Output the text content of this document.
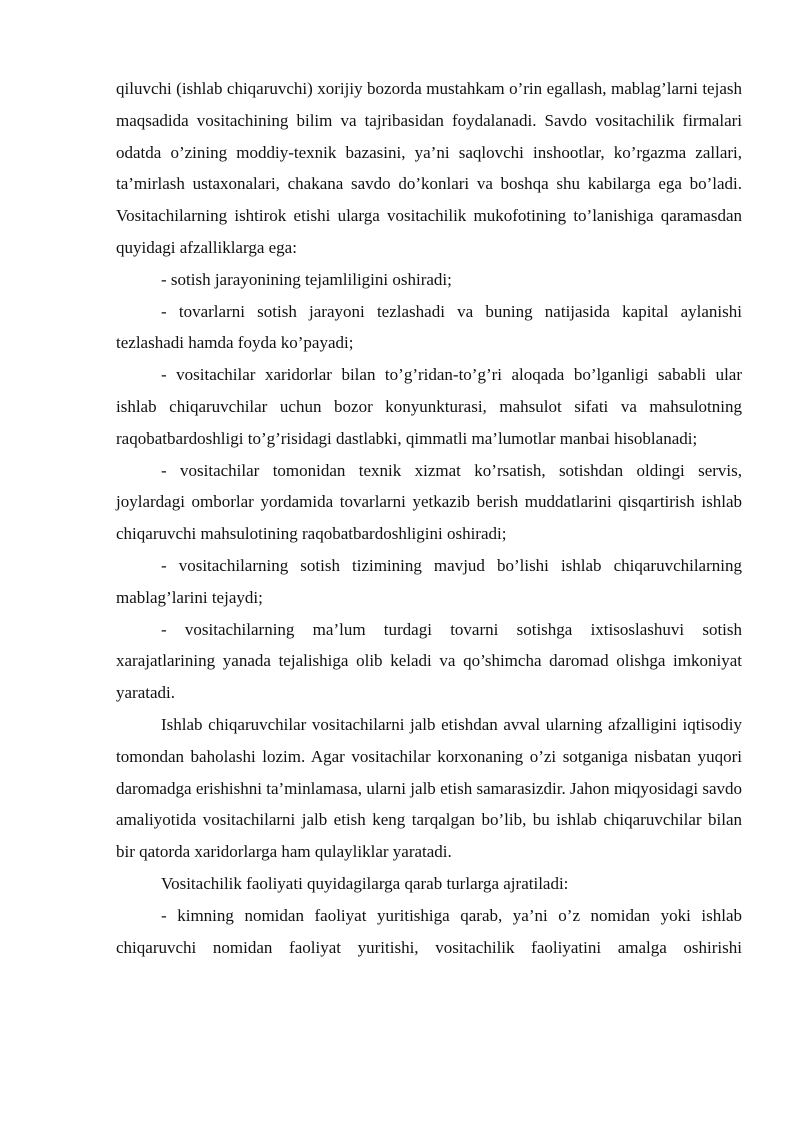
qiluvchi (ishlab chiqaruvchi) xorijiy bozorda mustahkam o’rin egallash, mablag’larni tejash maqsadida vositachining bilim va tajribasidan foydalanadi. Savdo vositachilik firmalari odatda o’zining moddiy-texnik bazasini, ya’ni saqlovchi inshootlar, ko’rgazma zallari, ta’mirlash ustaxonalari, chakana savdo do’konlari va boshqa shu kabilarga ega bo’ladi. Vositachilarning ishtirok etishi ularga vositachilik mukofotining to’lanishiga qaramasdan quyidagi afzalliklarga ega:

- sotish jarayonining tejamliligini oshiradi;

- tovarlarni sotish jarayoni tezlashadi va buning natijasida kapital aylanishi tezlashadi hamda foyda ko’payadi;

- vositachilar xaridorlar bilan to’g’ridan-to’g’ri aloqada bo’lganligi sababli ular ishlab chiqaruvchilar uchun bozor konyunkturasi, mahsulot sifati va mahsulotning raqobatbardoshligi to’g’risidagi dastlabki, qimmatli ma’lumotlar manbai hisoblanadi;

- vositachilar tomonidan texnik xizmat ko’rsatish, sotishdan oldingi servis, joylardagi omborlar yordamida tovarlarni yetkazib berish muddatlarini qisqartirish ishlab chiqaruvchi mahsulotining raqobatbardoshligini oshiradi;

- vositachilarning sotish tizimining mavjud bo’lishi ishlab chiqaruvchilarning mablag’larini tejaydi;

- vositachilarning ma’lum turdagi tovarni sotishga ixtisoslashuvi sotish xarajatlarining yanada tejalishiga olib keladi va qo’shimcha daromad olishga imkoniyat yaratadi.

Ishlab chiqaruvchilar vositachilarni jalb etishdan avval ularning afzalligini iqtisodiy tomondan baholashi lozim. Agar vositachilar korxonaning o’zi sotganiga nisbatan yuqori daromadga erishishni ta’minlamasa, ularni jalb etish samarasizdir. Jahon miqyosidagi savdo amaliyotida vositachilarni jalb etish keng tarqalgan bo’lib, bu ishlab chiqaruvchilar bilan bir qatorda xaridorlarga ham qulayliklar yaratadi.

Vositachilik faoliyati quyidagilarga qarab turlarga ajratiladi:

- kimning nomidan faoliyat yuritishiga qarab, ya’ni o’z nomidan yoki ishlab chiqaruvchi nomidan faoliyat yuritishi, vositachilik faoliyatini amalga oshirishi
